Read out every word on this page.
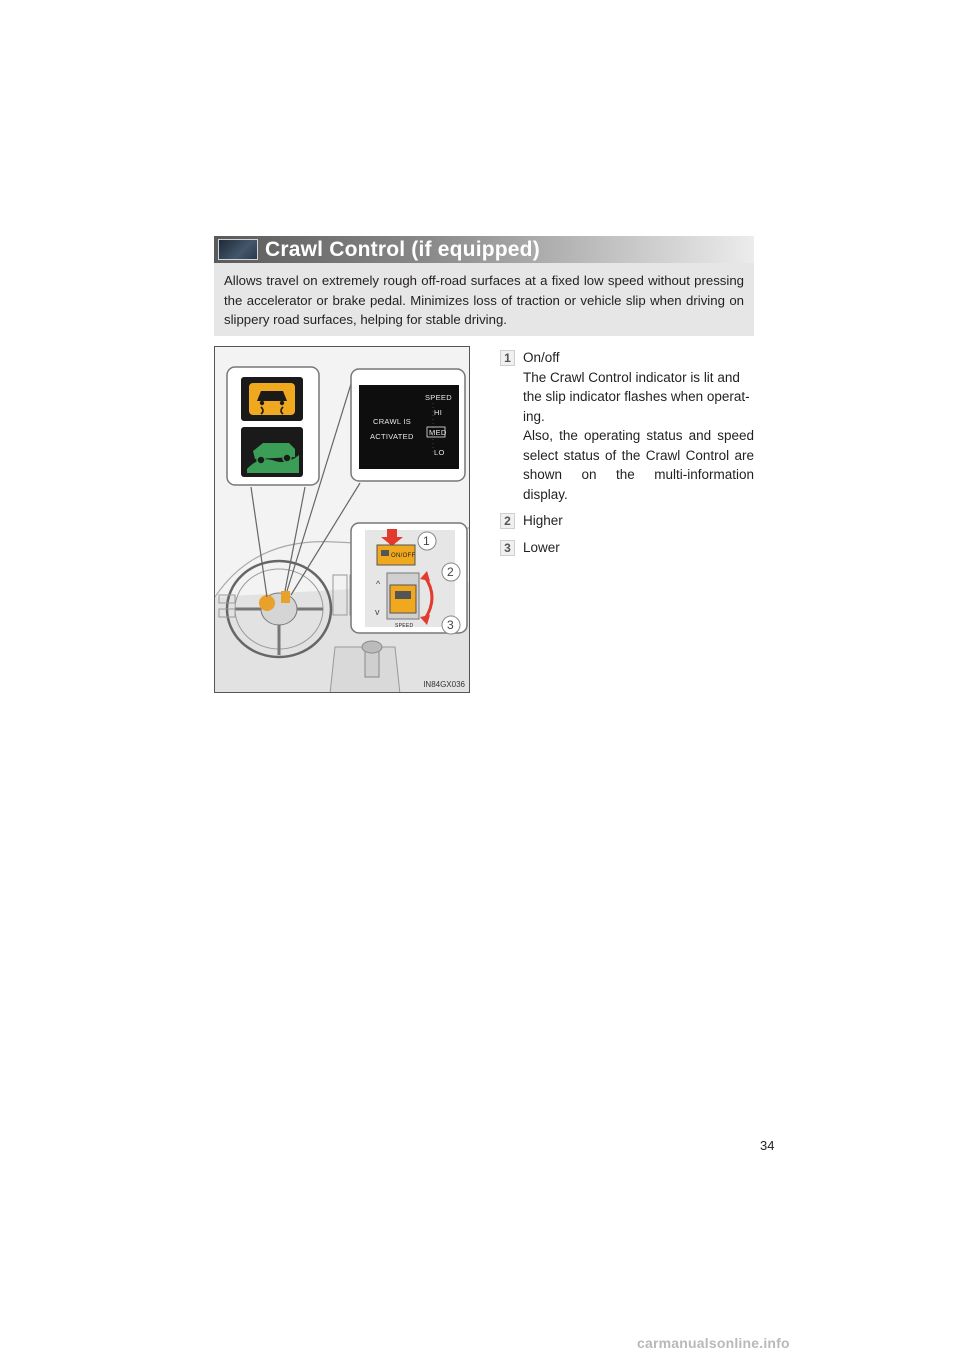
Crawl Control (if equipped)
Allows travel on extremely rough off-road surfaces at a fixed low speed without pressing the accelerator or brake pedal. Minimizes loss of traction or vehicle slip when driving on slippery road surfaces, helping for stable driving.
^
v
CRAWL IS
ACTIVATED
SPEED
HI
MED
LO
ON/OFF
SPEED
1
2
3
IN84GX036
1 On/off
The Crawl Control indicator is lit and the slip indicator flashes when operat-ing.
Also, the operating status and speed select status of the Crawl Control are shown on the multi-information display.
2 Higher
3 Lower
34
carmanualsonline.info
